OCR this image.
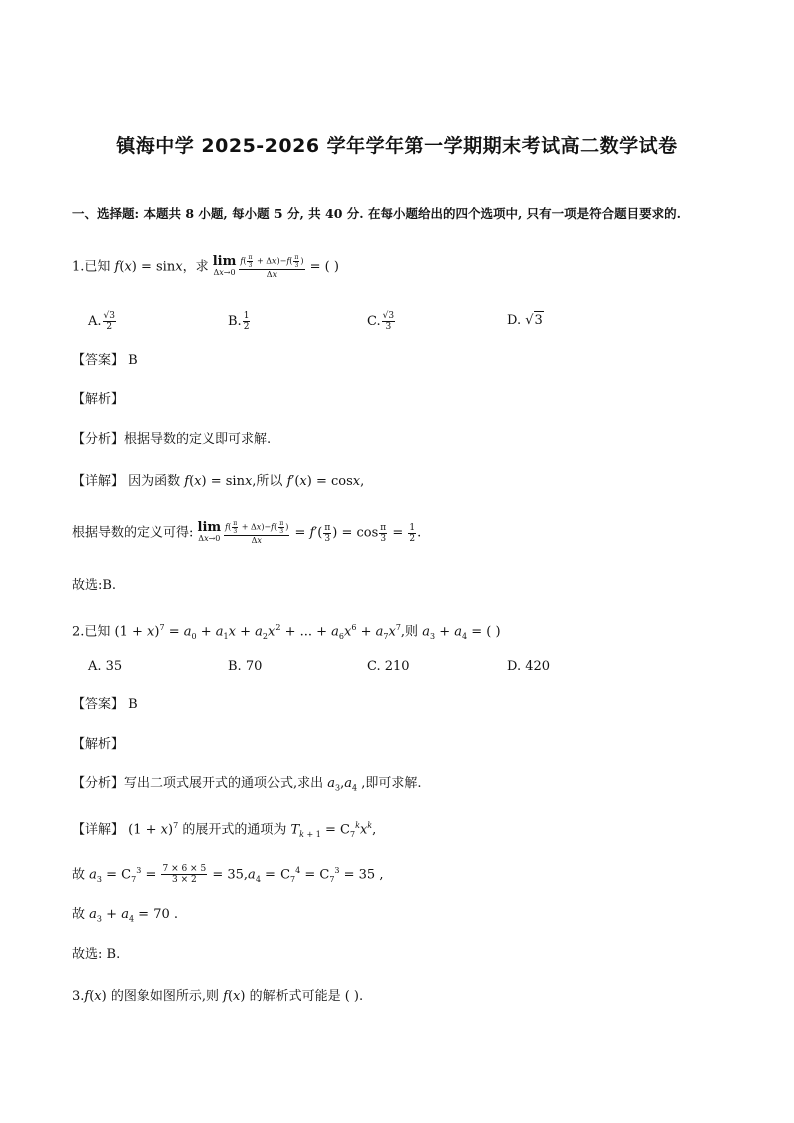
镇海中学 2025-2026 学年学年第一学期期末考试高二数学试卷
一、选择题: 本题共 8 小题, 每小题 5 分, 共 40 分. 在每小题给出的四个选项中, 只有一项是符合题目要求的.
1.已知 f(x) = sinx，求 lim
$\Delta x\to 0 \frac{f( \frac{\pi}{3} + \Delta x)-f( \frac{\pi}{3} )}{\Delta x}$ = ( )
A. $\frac{√3}{2}$	B. $\frac{1}{2}$	C. $\frac{√3}{3}$	D. √3
【答案】 B
【解析】
【分析】根据导数的定义即可求解.
【详解】 因为函数 f(x) = sinx,所以 f′(x) = cosx,
根据导数的定义可得: lim
$\Delta x\to 0 \frac{f( \frac{\pi}{3} + \Delta x)-f( \frac{\pi}{3} )}{\Delta x} = f'( \frac{\pi}{3}$ ) = $\cos \frac{\pi}{3} = \frac{1}{2}$ .
故选:B.
2.已知 $(1 + x)^7 = a_0 + a_1x + a_2x^2$ + ... + $a_6x^6 + a_7x^7$,则 $a_3 + a_4$ = ( )
A. 35	B. 70	C. 210	D. 420
【答案】 B
【解析】
【分析】写出二项式展开式的通项公式,求出 $a_3,a_4$ ,即可求解.
【详解】 $(1 + x)^7$ 的展开式的通项为 $T_{k + 1} = C_7^kx^k$,
故 $a_3 = C_7^3 = \frac{7 \times 6 \times 5}{3 \times 2} = 35,a_4 = C_7^4 = C_7^3 = 35$ ,
故 $a_3 + a_4 = 70$ .
故选: B.
3.f(x) 的图象如图所示,则 f(x) 的解析式可能是 ( ).
